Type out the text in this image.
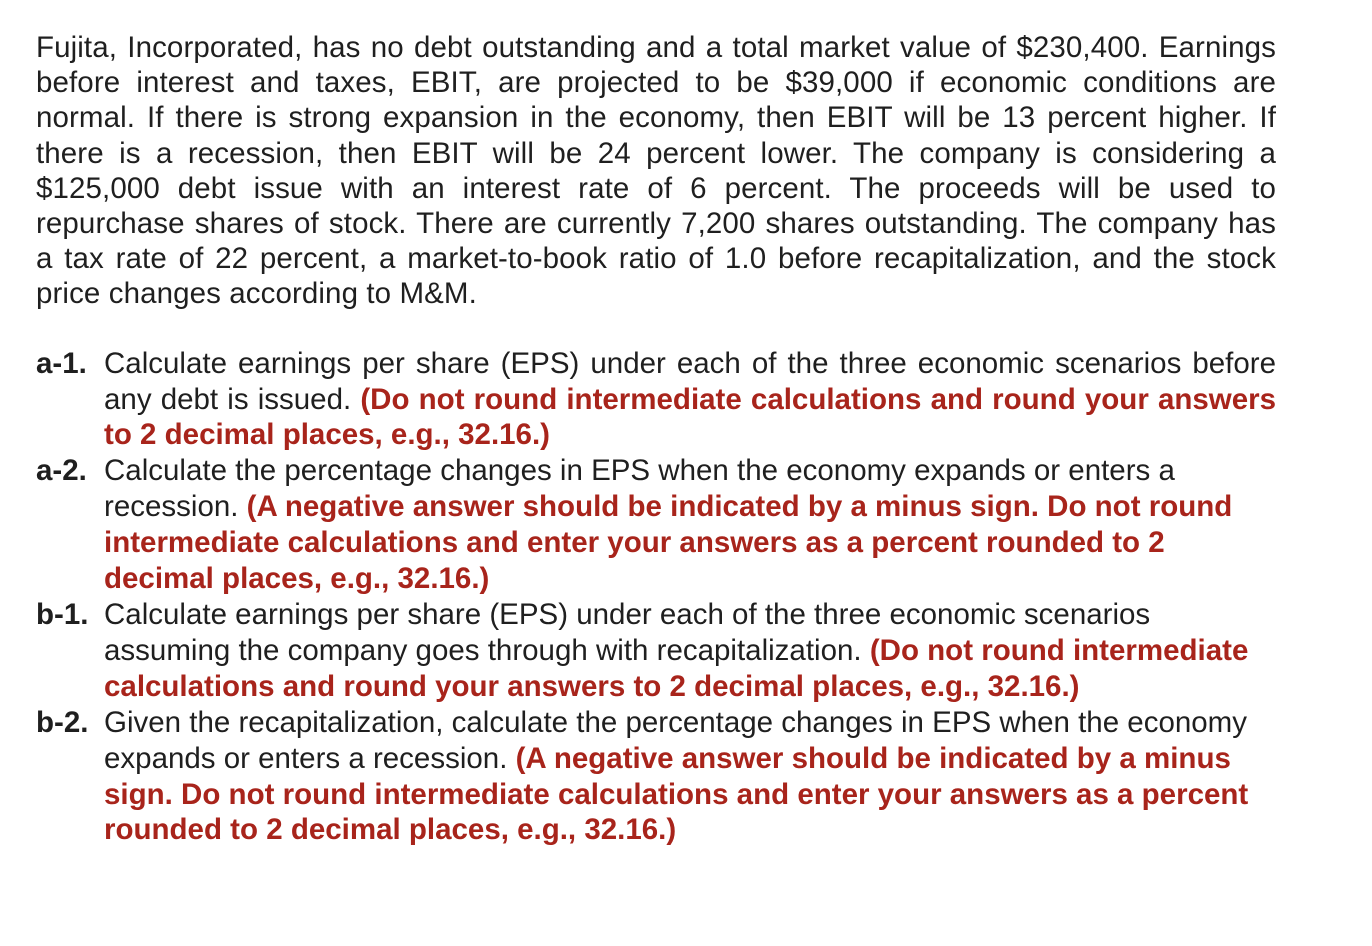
Fujita, Incorporated, has no debt outstanding and a total market value of $230,400. Earnings before interest and taxes, EBIT, are projected to be $39,000 if economic conditions are normal. If there is strong expansion in the economy, then EBIT will be 13 percent higher. If there is a recession, then EBIT will be 24 percent lower. The company is considering a $125,000 debt issue with an interest rate of 6 percent. The proceeds will be used to repurchase shares of stock. There are currently 7,200 shares outstanding. The company has a tax rate of 22 percent, a market-to-book ratio of 1.0 before recapitalization, and the stock price changes according to M&M.

a-1. Calculate earnings per share (EPS) under each of the three economic scenarios before any debt is issued. (Do not round intermediate calculations and round your answers to 2 decimal places, e.g., 32.16.)
a-2. Calculate the percentage changes in EPS when the economy expands or enters a recession. (A negative answer should be indicated by a minus sign. Do not round intermediate calculations and enter your answers as a percent rounded to 2 decimal places, e.g., 32.16.)
b-1. Calculate earnings per share (EPS) under each of the three economic scenarios assuming the company goes through with recapitalization. (Do not round intermediate calculations and round your answers to 2 decimal places, e.g., 32.16.)
b-2. Given the recapitalization, calculate the percentage changes in EPS when the economy expands or enters a recession. (A negative answer should be indicated by a minus sign. Do not round intermediate calculations and enter your answers as a percent rounded to 2 decimal places, e.g., 32.16.)
